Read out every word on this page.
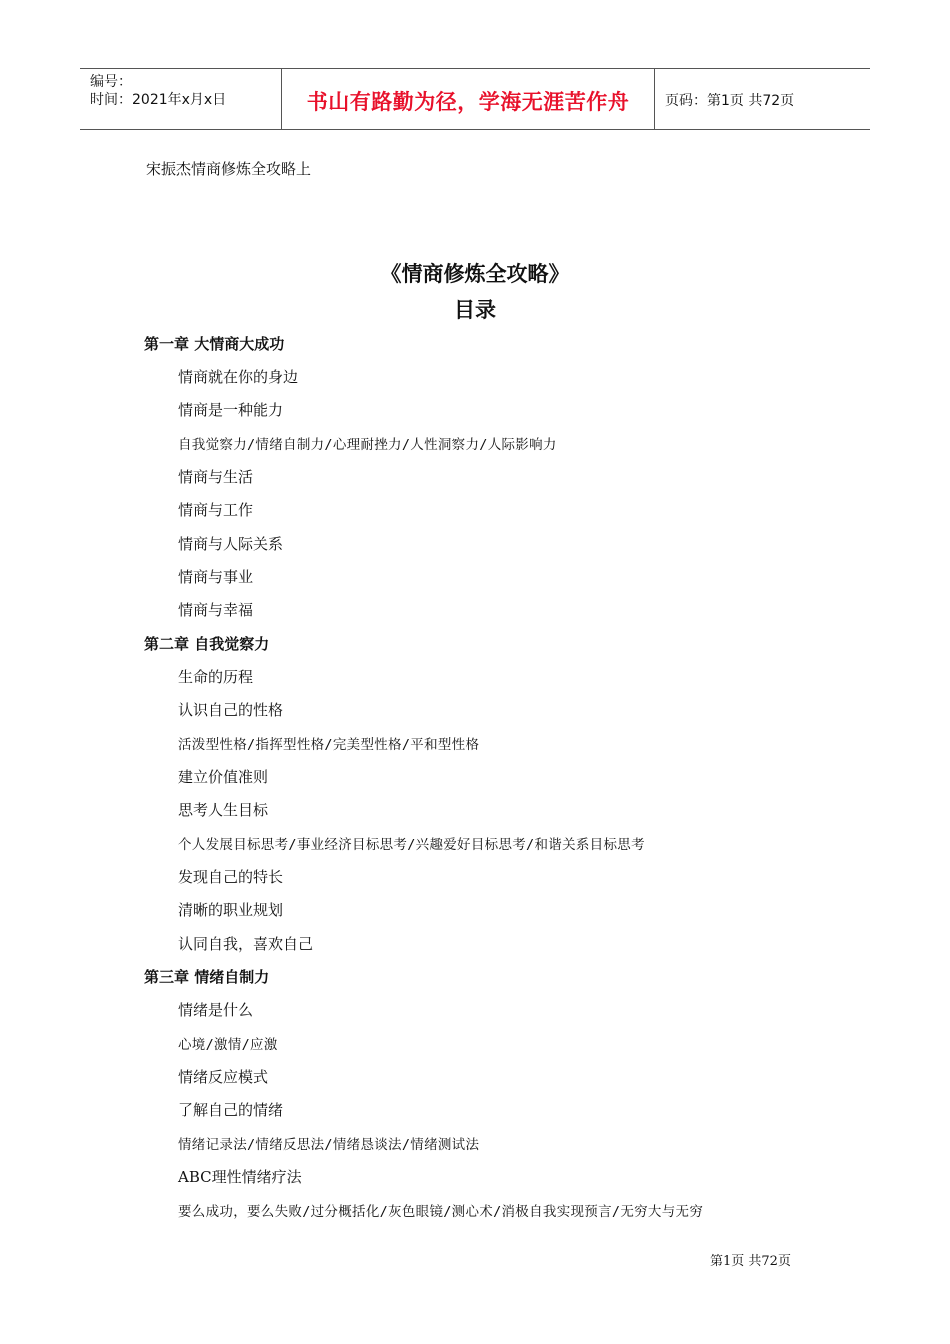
编号：
时间：2021年x月x日	书山有路勤为径，学海无涯苦作舟	页码：第1页 共72页
宋振杰情商修炼全攻略上
《情商修炼全攻略》
目录
第一章 大情商大成功
情商就在你的身边
情商是一种能力
自我觉察力/情绪自制力/心理耐挫力/人性洞察力/人际影响力
情商与生活
情商与工作
情商与人际关系
情商与事业
情商与幸福
第二章 自我觉察力
生命的历程
认识自己的性格
活泼型性格/指挥型性格/完美型性格/平和型性格
建立价值准则
思考人生目标
个人发展目标思考/事业经济目标思考/兴趣爱好目标思考/和谐关系目标思考
发现自己的特长
清晰的职业规划
认同自我，喜欢自己
第三章 情绪自制力
情绪是什么
心境/激情/应激
情绪反应模式
了解自己的情绪
情绪记录法/情绪反思法/情绪恳谈法/情绪测试法
ABC理性情绪疗法
要么成功，要么失败/过分概括化/灰色眼镜/测心术/消极自我实现预言/无穷大与无穷
第1页 共72页
